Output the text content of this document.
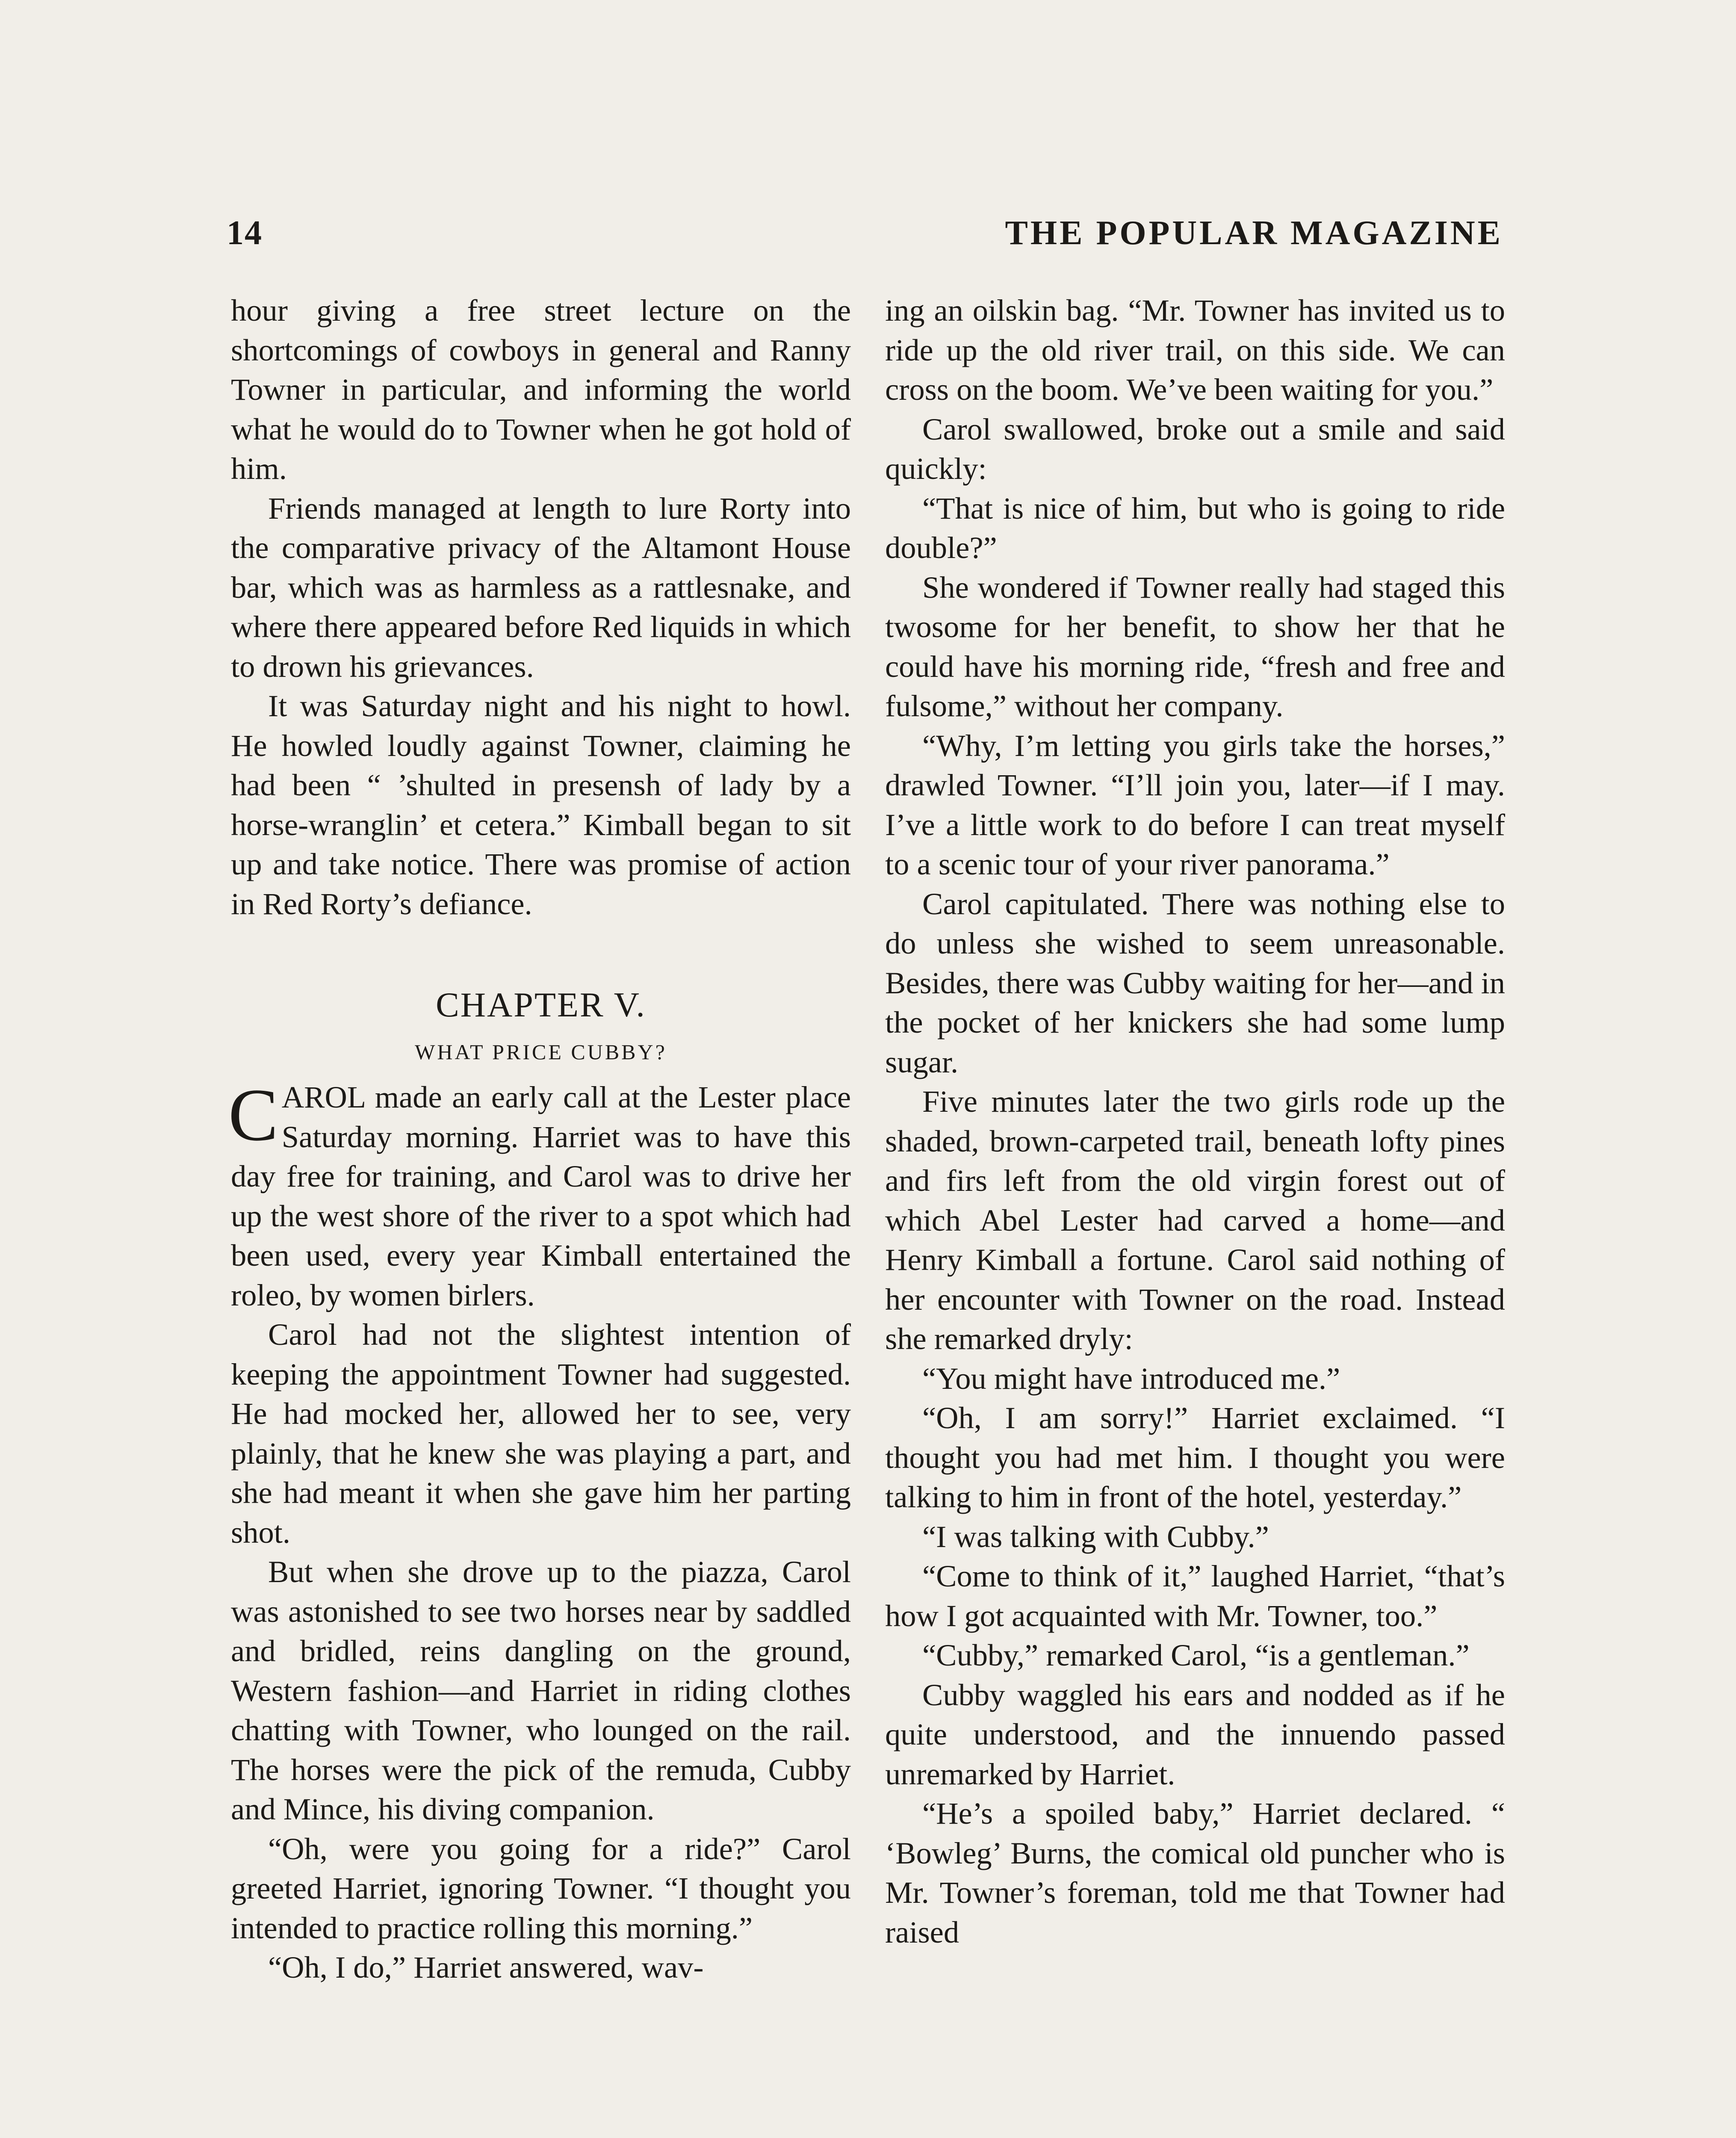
14	THE POPULAR MAGAZINE

hour giving a free street lecture on the shortcomings of cowboys in general and Ranny Towner in particular, and informing the world what he would do to Towner when he got hold of him.

Friends managed at length to lure Rorty into the comparative privacy of the Altamont House bar, which was as harmless as a rattlesnake, and where there appeared before Red liquids in which to drown his grievances.

It was Saturday night and his night to howl. He howled loudly against Towner, claiming he had been “ ’shulted in presensh of lady by a horse-wranglin’ et cetera.” Kimball began to sit up and take notice. There was promise of action in Red Rorty’s defiance.

CHAPTER V.
WHAT PRICE CUBBY?

CAROL made an early call at the Lester place Saturday morning. Harriet was to have this day free for training, and Carol was to drive her up the west shore of the river to a spot which had been used, every year Kimball entertained the roleo, by women birlers.

Carol had not the slightest intention of keeping the appointment Towner had suggested. He had mocked her, allowed her to see, very plainly, that he knew she was playing a part, and she had meant it when she gave him her parting shot.

But when she drove up to the piazza, Carol was astonished to see two horses near by saddled and bridled, reins dangling on the ground, Western fashion—and Harriet in riding clothes chatting with Towner, who lounged on the rail. The horses were the pick of the remuda, Cubby and Mince, his diving companion.

“Oh, were you going for a ride?” Carol greeted Harriet, ignoring Towner. “I thought you intended to practice rolling this morning.”

“Oh, I do,” Harriet answered, wav-

ing an oilskin bag. “Mr. Towner has invited us to ride up the old river trail, on this side. We can cross on the boom. We’ve been waiting for you.”

Carol swallowed, broke out a smile and said quickly:

“That is nice of him, but who is going to ride double?”

She wondered if Towner really had staged this twosome for her benefit, to show her that he could have his morning ride, “fresh and free and fulsome,” without her company.

“Why, I’m letting you girls take the horses,” drawled Towner. “I’ll join you, later—if I may. I’ve a little work to do before I can treat myself to a scenic tour of your river panorama.”

Carol capitulated. There was nothing else to do unless she wished to seem unreasonable. Besides, there was Cubby waiting for her—and in the pocket of her knickers she had some lump sugar.

Five minutes later the two girls rode up the shaded, brown-carpeted trail, beneath lofty pines and firs left from the old virgin forest out of which Abel Lester had carved a home—and Henry Kimball a fortune. Carol said nothing of her encounter with Towner on the road. Instead she remarked dryly:

“You might have introduced me.”

“Oh, I am sorry!” Harriet exclaimed. “I thought you had met him. I thought you were talking to him in front of the hotel, yesterday.”

“I was talking with Cubby.”

“Come to think of it,” laughed Harriet, “that’s how I got acquainted with Mr. Towner, too.”

“Cubby,” remarked Carol, “is a gentleman.”

Cubby waggled his ears and nodded as if he quite understood, and the innuendo passed unremarked by Harriet.

“He’s a spoiled baby,” Harriet declared. “ ‘Bowleg’ Burns, the comical old puncher who is Mr. Towner’s foreman, told me that Towner had raised
